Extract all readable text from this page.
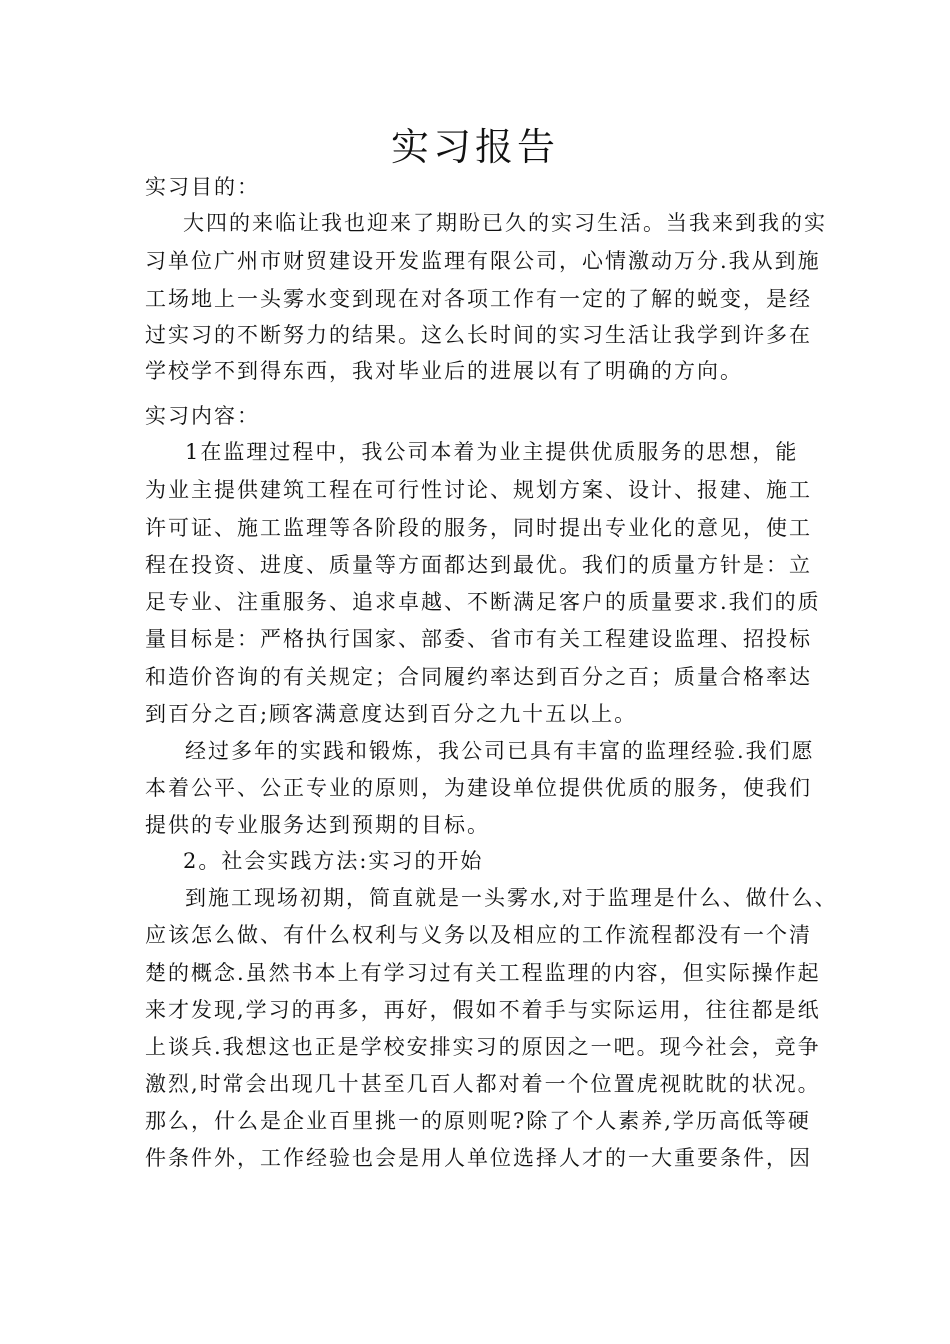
实习报告

实习目的：

大四的来临让我也迎来了期盼已久的实习生活。当我来到我的实

习单位广州市财贸建设开发监理有限公司，心情激动万分.我从到施

工场地上一头雾水变到现在对各项工作有一定的了解的蜕变，是经

过实习的不断努力的结果。这么长时间的实习生活让我学到许多在

学校学不到得东西，我对毕业后的进展以有了明确的方向。

实习内容：

1在监理过程中，我公司本着为业主提供优质服务的思想，能

为业主提供建筑工程在可行性讨论、规划方案、设计、报建、施工

许可证、施工监理等各阶段的服务，同时提出专业化的意见，使工

程在投资、进度、质量等方面都达到最优。我们的质量方针是：立

足专业、注重服务、追求卓越、不断满足客户的质量要求.我们的质

量目标是：严格执行国家、部委、省市有关工程建设监理、招投标

和造价咨询的有关规定；合同履约率达到百分之百；质量合格率达

到百分之百;顾客满意度达到百分之九十五以上。

经过多年的实践和锻炼，我公司已具有丰富的监理经验.我们愿

本着公平、公正专业的原则，为建设单位提供优质的服务，使我们

提供的专业服务达到预期的目标。

2。社会实践方法:实习的开始

到施工现场初期，简直就是一头雾水,对于监理是什么、做什么、

应该怎么做、有什么权利与义务以及相应的工作流程都没有一个清

楚的概念.虽然书本上有学习过有关工程监理的内容，但实际操作起

来才发现,学习的再多，再好，假如不着手与实际运用，往往都是纸

上谈兵.我想这也正是学校安排实习的原因之一吧。现今社会，竞争

激烈,时常会出现几十甚至几百人都对着一个位置虎视眈眈的状况。

那么，什么是企业百里挑一的原则呢?除了个人素养,学历高低等硬

件条件外，工作经验也会是用人单位选择人才的一大重要条件，因
